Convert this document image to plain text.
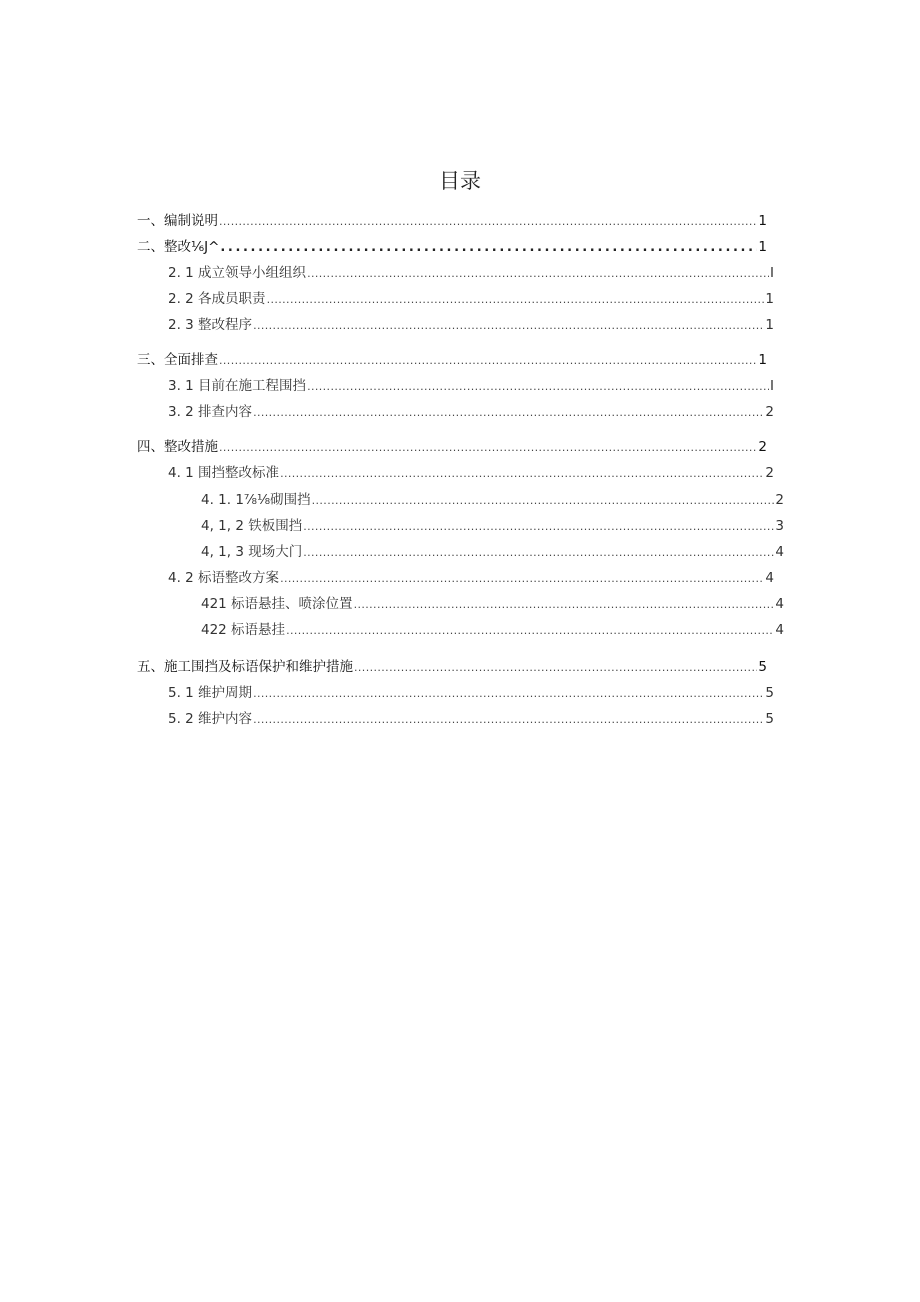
目录
一、编制说明 .....	1
二、整改⅙J^ .....	1
2. 1 成立领导小组组织 .....	I
2. 2 各成员职责 .....	1
2. 3 整改程序 .....	1
三、全面排查 .....	1
3. 1 目前在施工程围挡 .....	I
3. 2 排查内容 .....	2
四、整改措施 .....	2
4. 1 围挡整改标准 .....	2
4. 1. 1⅞⅛砌围挡 .....	2
4, 1, 2 铁板围挡 .....	3
4, 1, 3 现场大门 .....	4
4. 2 标语整改方案 .....	4
421 标语悬挂、喷涂位置 .....	4
422 标语悬挂 .....	4
五、施工围挡及标语保护和维护措施 .....	5
5. 1 维护周期 .....	5
5. 2 维护内容 .....	5
